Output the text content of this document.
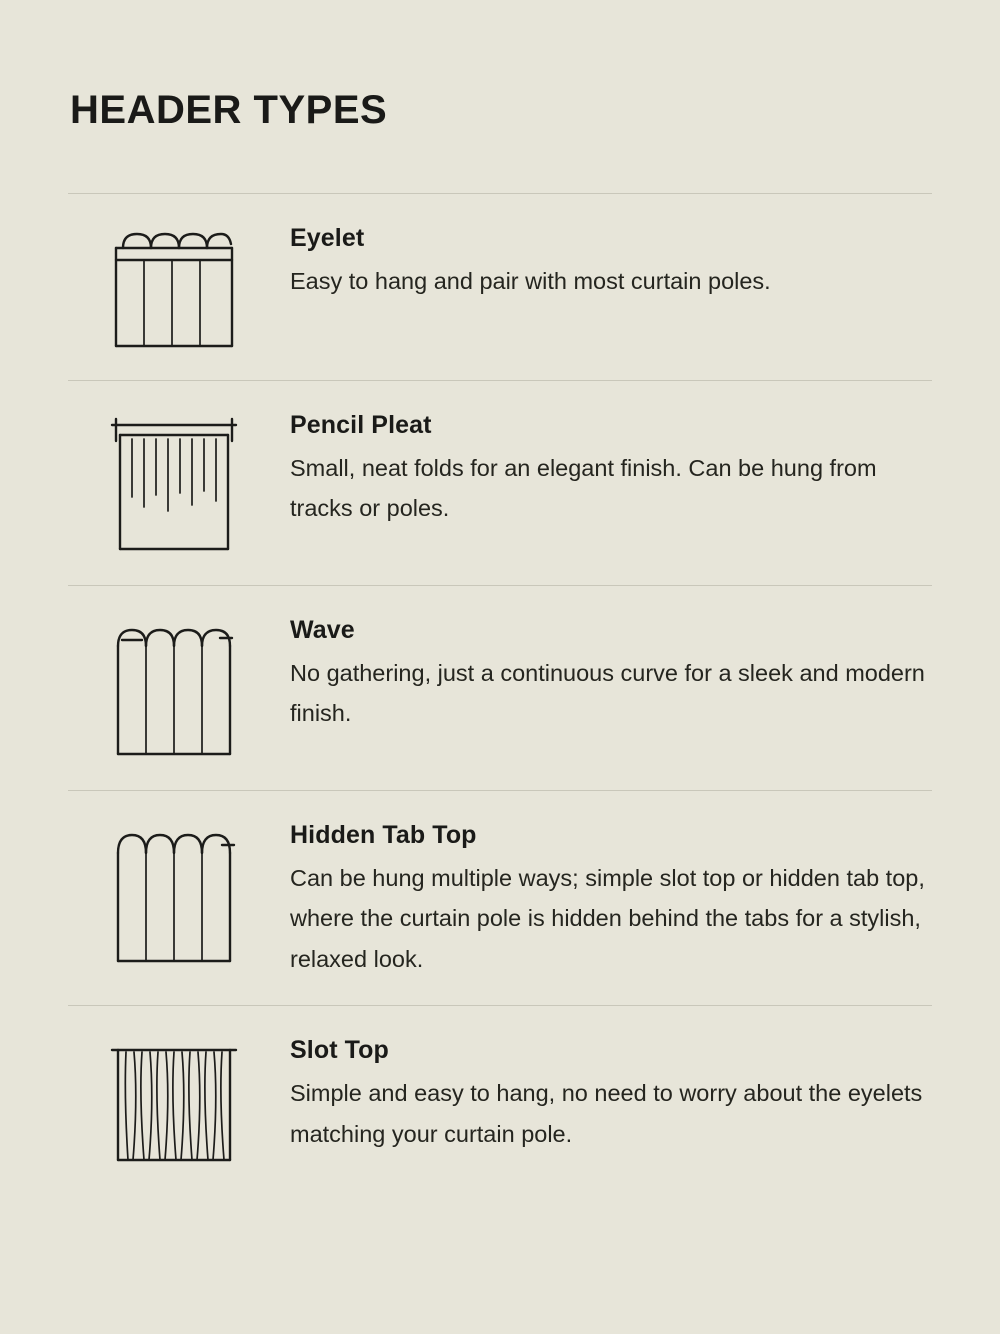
HEADER TYPES
Eyelet

Easy to hang and pair with most curtain poles.

Pencil Pleat

Small, neat folds for an elegant finish. Can be hung from tracks or poles.

Wave

No gathering, just a continuous curve for a sleek and modern finish.

Hidden Tab Top

Can be hung multiple ways; simple slot top or hidden tab top, where the curtain pole is hidden behind the tabs for a stylish, relaxed look.

Slot Top

Simple and easy to hang, no need to worry about the eyelets matching your curtain pole.
